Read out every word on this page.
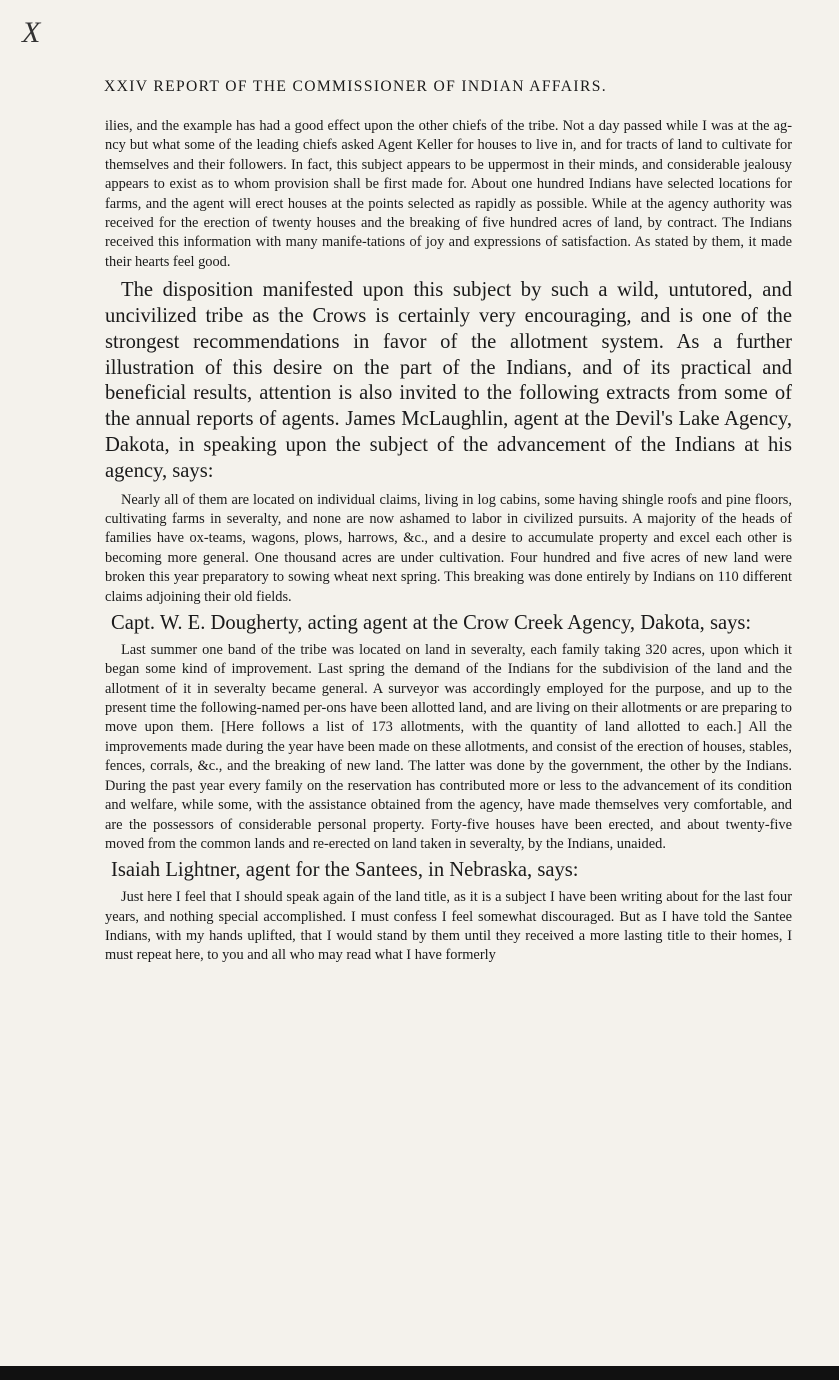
X
XXIV REPORT OF THE COMMISSIONER OF INDIAN AFFAIRS.

ilies, and the example has had a good effect upon the other chiefs of the tribe. Not a day passed while I was at the ag-ncy but what some of the leading chiefs asked Agent Keller for houses to live in, and for tracts of land to cultivate for themselves and their followers. In fact, this subject appears to be uppermost in their minds, and considerable jealousy appears to exist as to whom provision shall be first made for. About one hundred Indians have selected locations for farms, and the agent will erect houses at the points selected as rapidly as possible. While at the agency authority was received for the erection of twenty houses and the breaking of five hundred acres of land, by contract. The Indians received this information with many manife-tations of joy and expressions of satisfaction. As stated by them, it made their hearts feel good.

The disposition manifested upon this subject by such a wild, untutored, and uncivilized tribe as the Crows is certainly very encouraging, and is one of the strongest recommendations in favor of the allotment system. As a further illustration of this desire on the part of the Indians, and of its practical and beneficial results, attention is also invited to the following extracts from some of the annual reports of agents. James McLaughlin, agent at the Devil's Lake Agency, Dakota, in speaking upon the subject of the advancement of the Indians at his agency, says:

Nearly all of them are located on individual claims, living in log cabins, some having shingle roofs and pine floors, cultivating farms in severalty, and none are now ashamed to labor in civilized pursuits. A majority of the heads of families have ox-teams, wagons, plows, harrows, &c., and a desire to accumulate property and excel each other is becoming more general. One thousand acres are under cultivation. Four hundred and five acres of new land were broken this year preparatory to sowing wheat next spring. This breaking was done entirely by Indians on 110 different claims adjoining their old fields.

Capt. W. E. Dougherty, acting agent at the Crow Creek Agency, Dakota, says:

Last summer one band of the tribe was located on land in severalty, each family taking 320 acres, upon which it began some kind of improvement. Last spring the demand of the Indians for the subdivision of the land and the allotment of it in severalty became general. A surveyor was accordingly employed for the purpose, and up to the present time the following-named per-ons have been allotted land, and are living on their allotments or are preparing to move upon them. [Here follows a list of 173 allotments, with the quantity of land allotted to each.] All the improvements made during the year have been made on these allotments, and consist of the erection of houses, stables, fences, corrals, &c., and the breaking of new land. The latter was done by the government, the other by the Indians. During the past year every family on the reservation has contributed more or less to the advancement of its condition and welfare, while some, with the assistance obtained from the agency, have made themselves very comfortable, and are the possessors of considerable personal property. Forty-five houses have been erected, and about twenty-five moved from the common lands and re-erected on land taken in severalty, by the Indians, unaided.

Isaiah Lightner, agent for the Santees, in Nebraska, says:

Just here I feel that I should speak again of the land title, as it is a subject I have been writing about for the last four years, and nothing special accomplished. I must confess I feel somewhat discouraged. But as I have told the Santee Indians, with my hands uplifted, that I would stand by them until they received a more lasting title to their homes, I must repeat here, to you and all who may read what I have formerly
